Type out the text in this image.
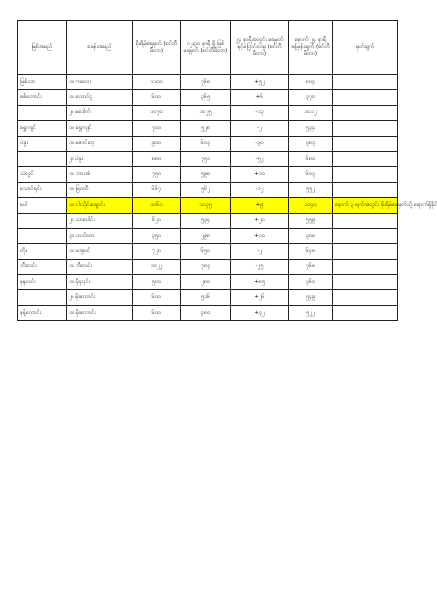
မြစ်အမည်	စခန်းအမည်	စိုးရိမ်ရေမှတ် (စင်တီမီတာ)	၁၂း၃၀ နာရီ ရှိ မြစ်ရေမှတ် (စင်တီမီတာ)	၂၄ နာရီအတွင်း ရေမှတ်နှင့်ပြောင်းလဲမှု (စင်တီမီတာ)	နောက် ၂၄ နာရီ ခန့်မှန်းချက် (စင်တီမီတာ)	မှတ်ချက်
မြစ်သာ	၁။ ကလေး	၁၁၀၀	၇၆၈	+၅၂	၈၀၄	
စစ်တောင်း	၁။ တောင်ငူ	၆၀၀	၃၆၅	+၆	၃၇၀	
	၂။ မဒေါက်	၁၀၇၀	၁၀၂၅	-၁၃	၁၀၁၂	
ရွှေကျင်	၁။ ရွှေကျင်	၇၀၀	၅၂၈	-၂	၅၃၄	
ပဲခူး	၁။ ဇောင်းတု	၉၀၀	၆၀၃	-၃၀	၃၈၃	
	၂။ ပဲခူး	၈၈၀	၇၅၁	-၅၂	၆၈၀	
သံလွင်	၁။ ဘားအံ	၇၅၀	၅၉၈	+၁၀	၆၀၃	
သောင်ရင်း	၁။ မြဝတီ	၆၆၇	၅၆၂	-၁၂	၅၅၂	
ဝေါ	၁။ ငါးသိုင်းချောင်း	၁၀၆၀	၁၀၃၅	+၉	၁၀၄၀	နောက် ၃ ရက်အတွင်း စိုးရိမ်ရေမှတ်သို့ ရောက်ရှိနိုင်
	၂။ သာပေါင်း	၆၂၀	၅၃၄	+၂၀	၅၅၉	
	၃။ ဟင်္သာတ	၃၅၀	၂၉၈	+၁၀	၃၀၈	
တိုး	၁။ မအူပင်	၇၂၀	၆၅၀	-၂	၆၄၈	
ဘီးလင်း	၁။ ဘီးလင်း	၁၀၂၂	၇၈၃	-၂၅	၇၆၈	
နန္ဒလင်း	၁။ မိုးညှင်း	၅၀၀	၂၈၀	+၈၅	၃၆၀	
	၂။ မိုးကောင်း	၆၀၀	၅၁၆	+၂၆	၅၄၉	
နန့်ကောင်း	၁။ မိုးကောင်း	၆၀၀	၄၈၀	+၃၂	၅၂၂	
